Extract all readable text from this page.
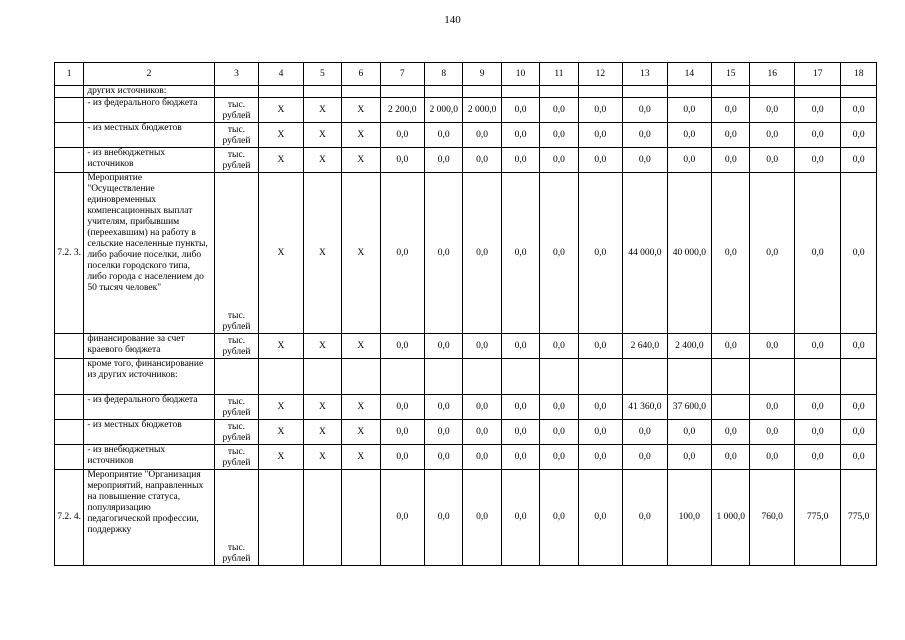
140
1	2	3	4	5	6	7	8	9	10	11	12	13	14	15	16	17	18
	других источников:																
	- из федерального бюджета	тыс. рублей	X	X	X	2 200,0	2 000,0	2 000,0	0,0	0,0	0,0	0,0	0,0	0,0	0,0	0,0	0,0
	- из местных бюджетов	тыс. рублей	X	X	X	0,0	0,0	0,0	0,0	0,0	0,0	0,0	0,0	0,0	0,0	0,0	0,0
	- из внебюджетных источников	тыс. рублей	X	X	X	0,0	0,0	0,0	0,0	0,0	0,0	0,0	0,0	0,0	0,0	0,0	0,0
7.2. 3.	Мероприятие "Осуществление единовременных компенсационных выплат учителям, прибывшим (переехавшим) на работу в сельские населенные пункты, либо рабочие поселки, либо поселки городского типа, либо города с населением до 50 тысяч человек"	тыс. рублей	X	X	X	0,0	0,0	0,0	0,0	0,0	0,0	44 000,0	40 000,0	0,0	0,0	0,0	0,0
	финансирование за счет краевого бюджета	тыс. рублей	X	X	X	0,0	0,0	0,0	0,0	0,0	0,0	2 640,0	2 400,0	0,0	0,0	0,0	0,0
	кроме того, финансирование из других источников:																
	- из федерального бюджета	тыс. рублей	X	X	X	0,0	0,0	0,0	0,0	0,0	0,0	41 360,0	37 600,0		0,0	0,0	0,0
	- из местных бюджетов	тыс. рублей	X	X	X	0,0	0,0	0,0	0,0	0,0	0,0	0,0	0,0	0,0	0,0	0,0	0,0
	- из внебюджетных источников	тыс. рублей	X	X	X	0,0	0,0	0,0	0,0	0,0	0,0	0,0	0,0	0,0	0,0	0,0	0,0
7.2. 4.	Мероприятие "Организация мероприятий, направленных на повышение статуса, популяризацию педагогической профессии, поддержку	тыс. рублей				0,0	0,0	0,0	0,0	0,0	0,0	0,0	100,0	1 000,0	760,0	775,0	775,0
